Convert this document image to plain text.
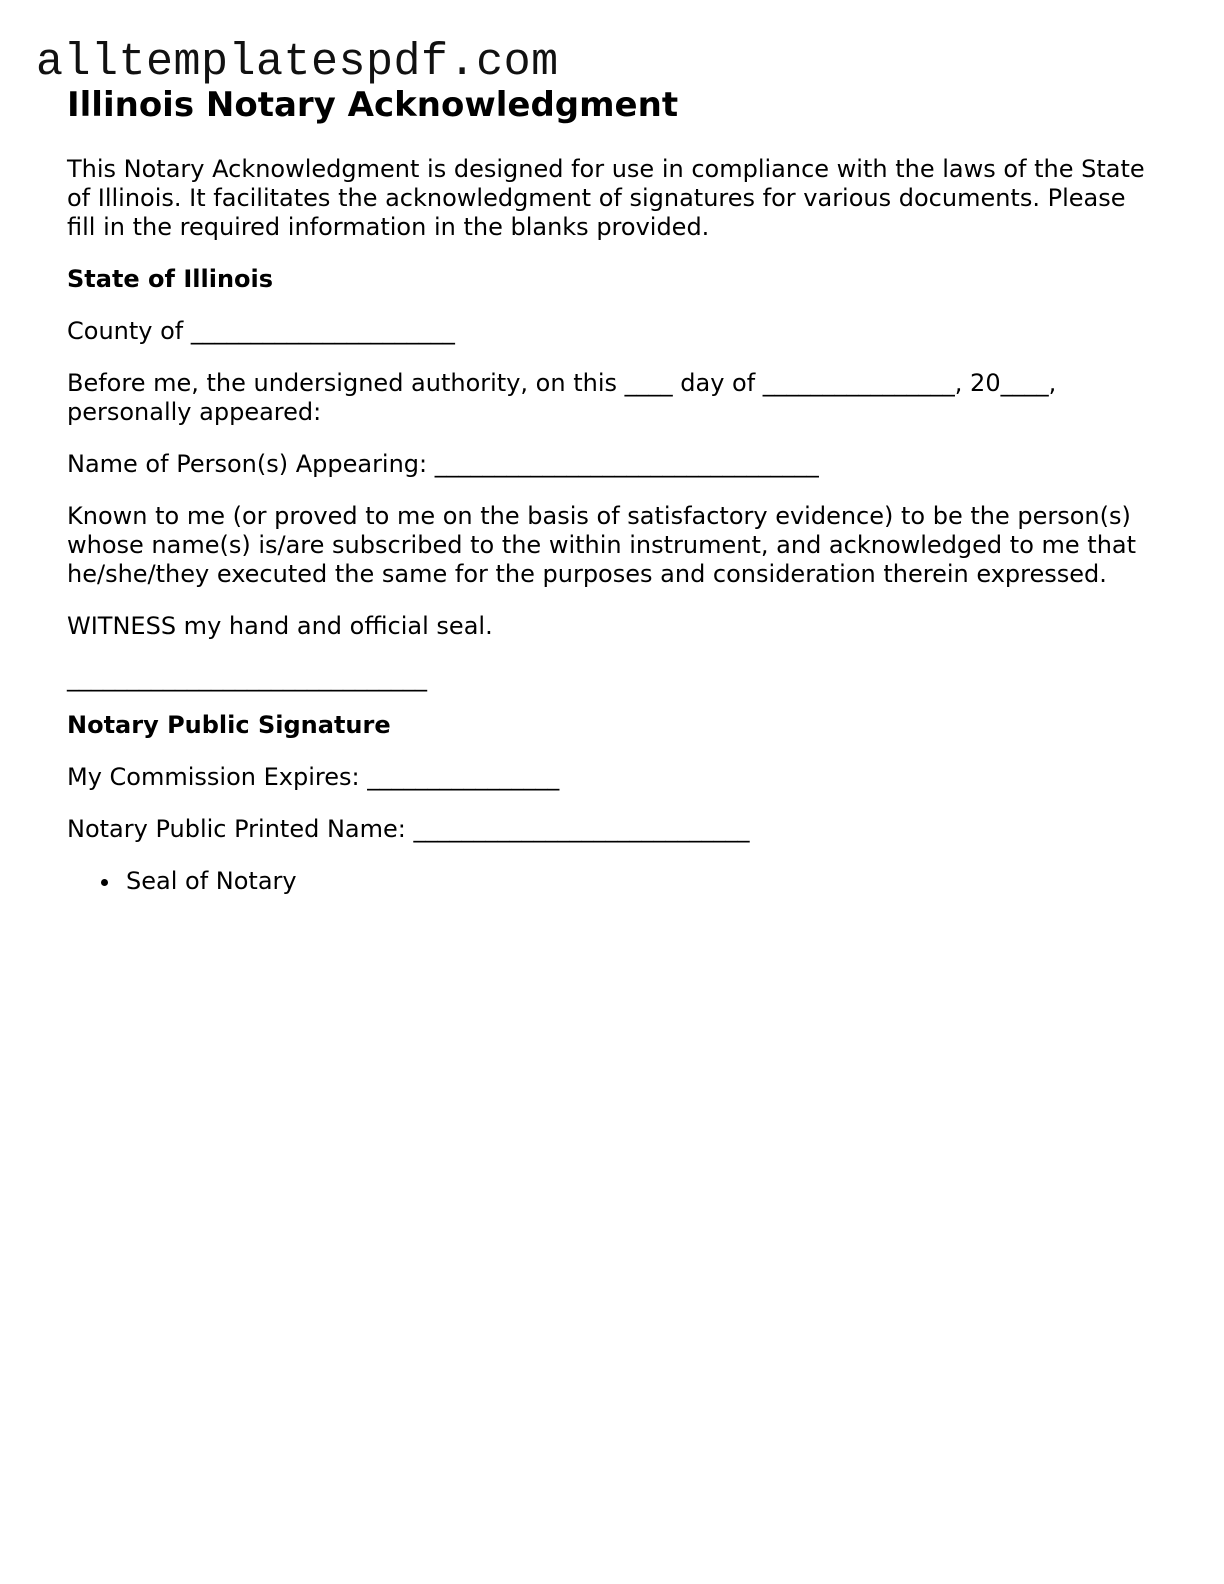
alltemplatespdf.com
Illinois Notary Acknowledgment

This Notary Acknowledgment is designed for use in compliance with the laws of the State of Illinois. It facilitates the acknowledgment of signatures for various documents. Please fill in the required information in the blanks provided.

State of Illinois

County of ______________________

Before me, the undersigned authority, on this ____ day of ________________, 20____, personally appeared:

Name of Person(s) Appearing: ________________________________

Known to me (or proved to me on the basis of satisfactory evidence) to be the person(s) whose name(s) is/are subscribed to the within instrument, and acknowledged to me that he/she/they executed the same for the purposes and consideration therein expressed.

WITNESS my hand and official seal.

______________________________

Notary Public Signature

My Commission Expires: ________________

Notary Public Printed Name: ____________________________

Seal of Notary
